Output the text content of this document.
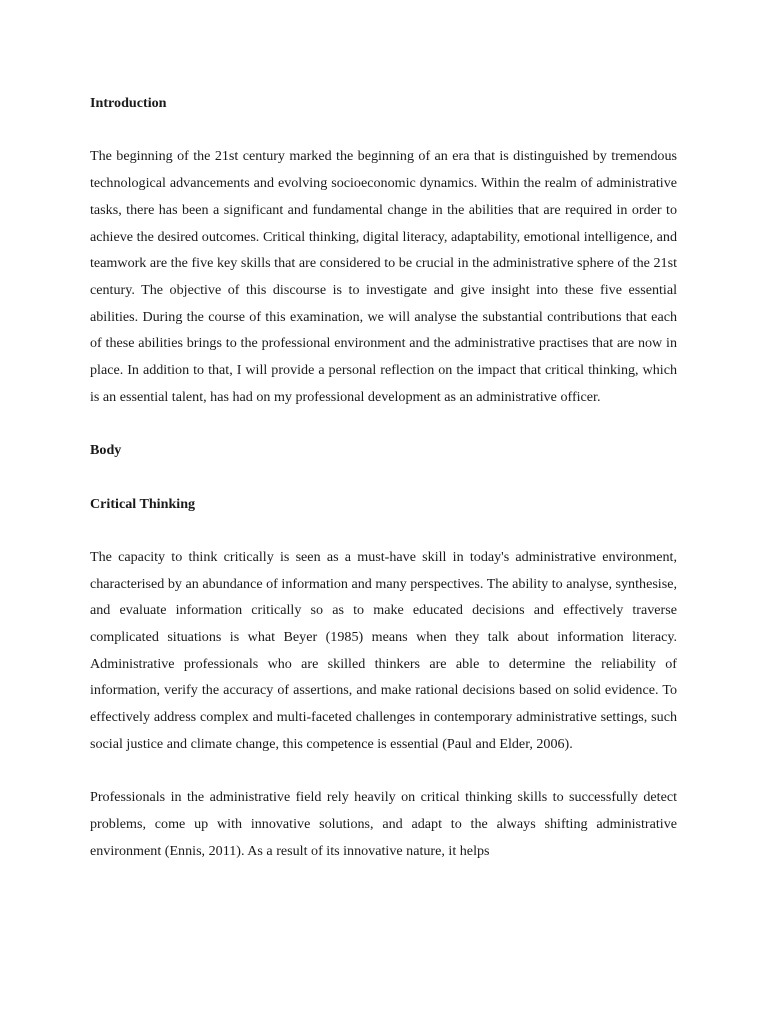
Introduction

The beginning of the 21st century marked the beginning of an era that is distinguished by tremendous technological advancements and evolving socioeconomic dynamics. Within the realm of administrative tasks, there has been a significant and fundamental change in the abilities that are required in order to achieve the desired outcomes. Critical thinking, digital literacy, adaptability, emotional intelligence, and teamwork are the five key skills that are considered to be crucial in the administrative sphere of the 21st century. The objective of this discourse is to investigate and give insight into these five essential abilities. During the course of this examination, we will analyse the substantial contributions that each of these abilities brings to the professional environment and the administrative practises that are now in place. In addition to that, I will provide a personal reflection on the impact that critical thinking, which is an essential talent, has had on my professional development as an administrative officer.

Body

Critical Thinking

The capacity to think critically is seen as a must-have skill in today's administrative environment, characterised by an abundance of information and many perspectives. The ability to analyse, synthesise, and evaluate information critically so as to make educated decisions and effectively traverse complicated situations is what Beyer (1985) means when they talk about information literacy. Administrative professionals who are skilled thinkers are able to determine the reliability of information, verify the accuracy of assertions, and make rational decisions based on solid evidence. To effectively address complex and multi-faceted challenges in contemporary administrative settings, such social justice and climate change, this competence is essential (Paul and Elder, 2006).

Professionals in the administrative field rely heavily on critical thinking skills to successfully detect problems, come up with innovative solutions, and adapt to the always shifting administrative environment (Ennis, 2011). As a result of its innovative nature, it helps
